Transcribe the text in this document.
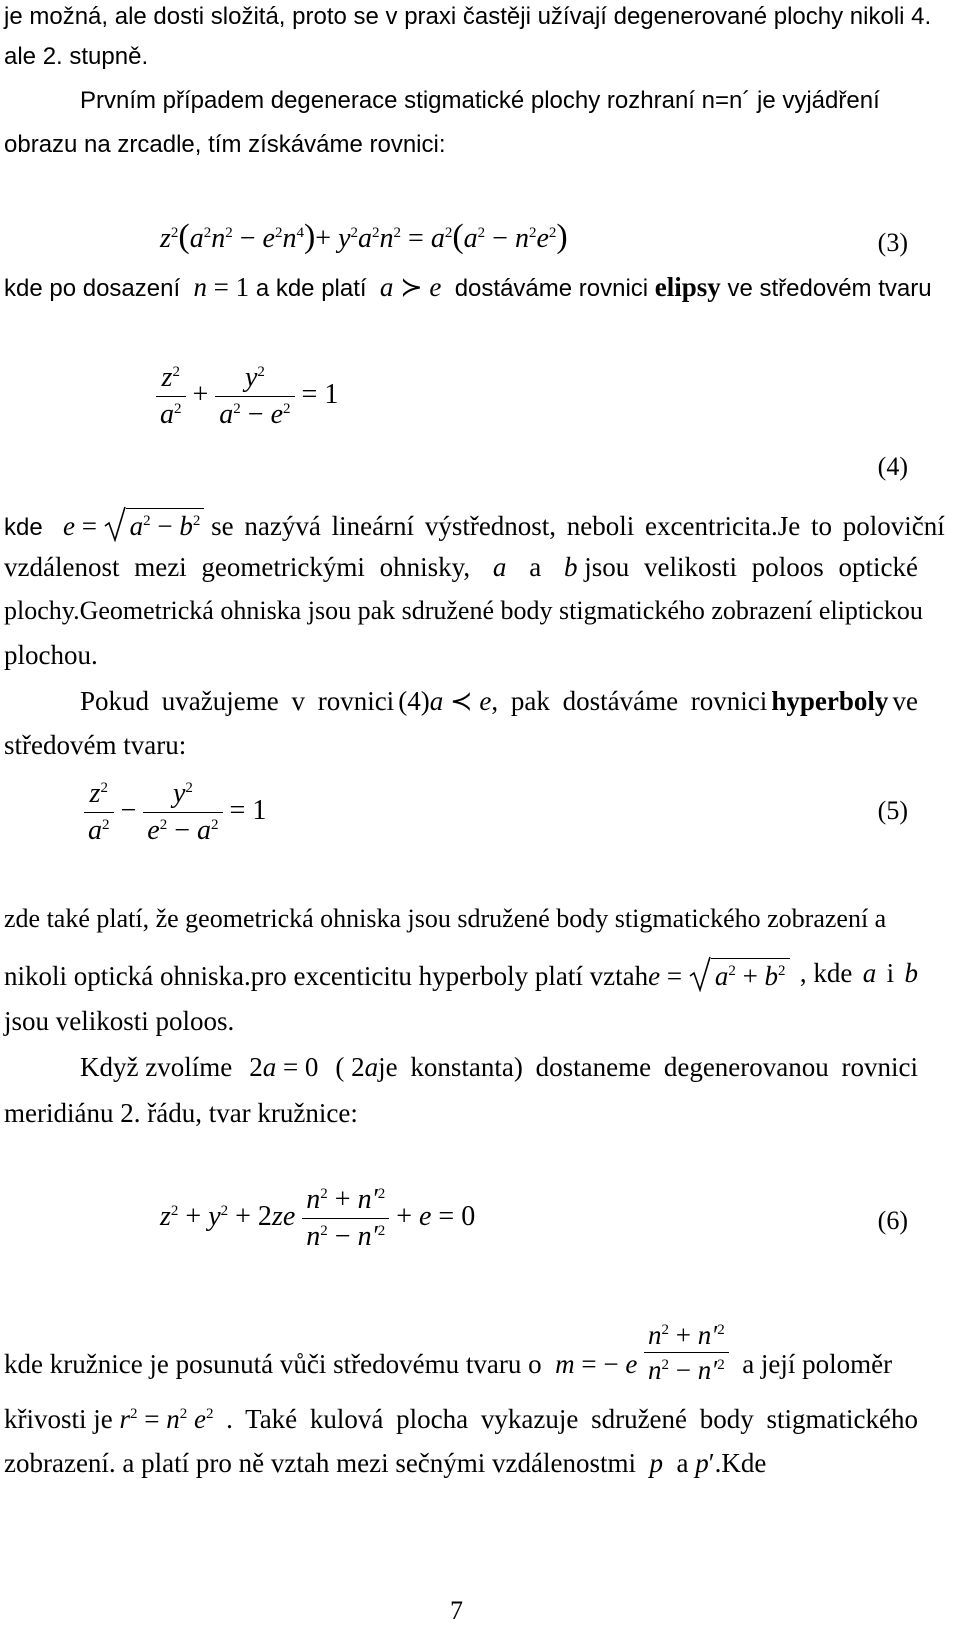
je možná, ale dosti složitá, proto se v praxi častěji užívají degenerované plochy nikoli 4.
ale 2. stupně.
Prvním případem degenerace stigmatické plochy rozhraní n=n´ je vyjádření
obrazu na zrcadle, tím získáváme rovnici:
$z^2(a^2n^2 - e^2n^4)+ y^2a^2n^2 = a^2(a^2 - n^2e^2)$	(3)
kde po dosazení n = 1 a kde platí a ≻ e dostáváme rovnici elipsy ve středovém tvaru
$\frac{z^2}{a^2} + \frac{y^2}{a^2 - e^2} = 1$
(4)
kde $e = a^2 - b^2$ se nazývá lineární výstřednost, neboli excentricita.Je to poloviční
vzdálenost mezi geometrickými ohnisky, a a b jsou velikosti poloos optické
plochy.Geometrická ohniska jsou pak sdružené body stigmatického zobrazení eliptickou
plochou.
Pokud uvažujeme v rovnici (4)a ≺ e, pak dostáváme rovnici hyperboly ve
středovém tvaru:
$\frac{z^2}{a^2} - \frac{y^2}{e^2 - a^2} = 1$	(5)
zde také platí, že geometrická ohniska jsou sdružené body stigmatického zobrazení a
nikoli optická ohniska.pro excenticitu hyperboly platí vztahe = $a^2 + b^2$ , kde a i b
jsou velikosti poloos.
Když zvolíme 2a = 0 ( 2aje konstanta) dostaneme degenerovanou rovnici
meridiánu 2. řádu, tvar kružnice:
$z^2 + y^2 + 2ze \frac{n^2 + n'^2}{n^2 - n'^2} + e = 0$	(6)
kde kružnice je posunutá vůči středovému tvaru o m = − e $\frac{n^2 + n'^2}{n^2 - n'^2}$ a její poloměr
křivosti je $r^2 = n^2$ $e^2$ . Také kulová plocha vykazuje sdružené body stigmatického
zobrazení. a platí pro ně vztah mezi sečnými vzdálenostmi p a p′.Kde
7
